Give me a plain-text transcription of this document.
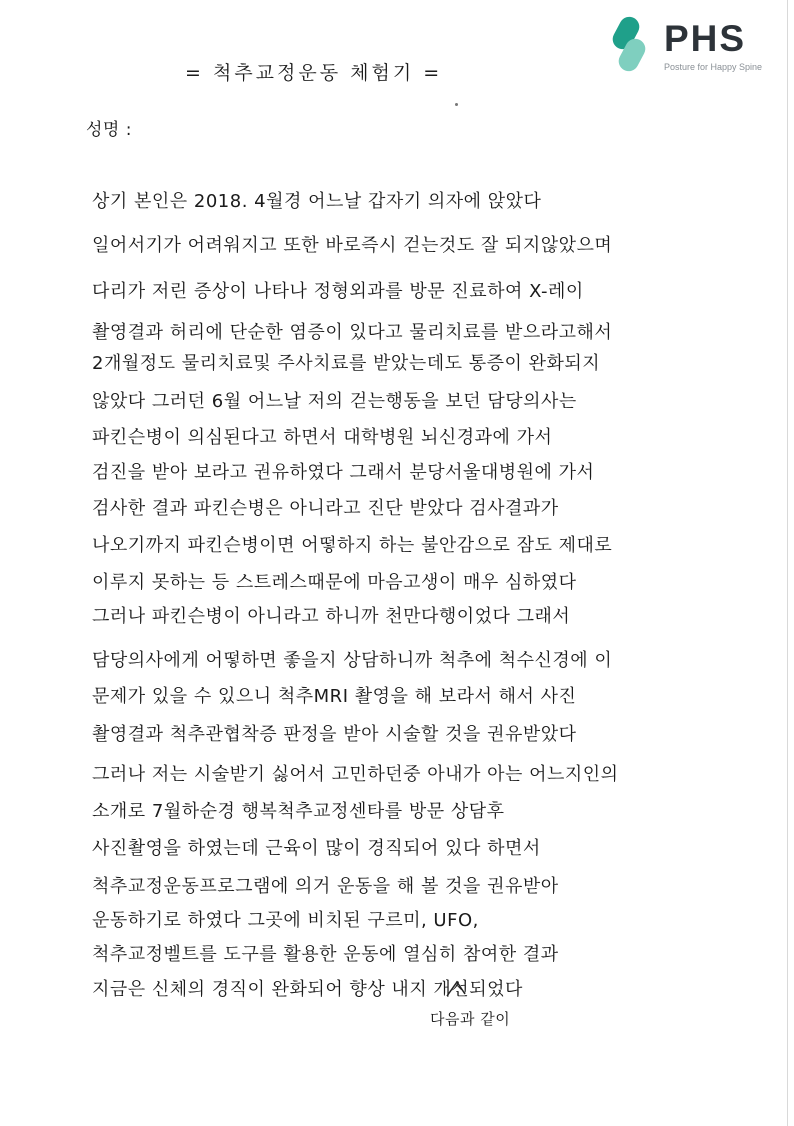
PHS
Posture for Happy Spine
= 척추교정운동 체험기 =
성명 :
상기 본인은 2018. 4월경 어느날 갑자기 의자에 앉았다
일어서기가 어려워지고 또한 바로즉시 걷는것도 잘 되지않았으며
다리가 저린 증상이 나타나 정형외과를 방문 진료하여 X-레이
촬영결과 허리에 단순한 염증이 있다고 물리치료를 받으라고해서
2개월정도 물리치료및 주사치료를 받았는데도 통증이 완화되지
않았다 그러던 6월 어느날 저의 걷는행동을 보던 담당의사는
파킨슨병이 의심된다고 하면서 대학병원 뇌신경과에 가서
검진을 받아 보라고 권유하였다 그래서 분당서울대병원에 가서
검사한 결과 파킨슨병은 아니라고 진단 받았다 검사결과가
나오기까지 파킨슨병이면 어떻하지 하는 불안감으로 잠도 제대로
이루지 못하는 등 스트레스때문에 마음고생이 매우 심하였다
그러나 파킨슨병이 아니라고 하니까 천만다행이었다 그래서
담당의사에게 어떻하면 좋을지 상담하니까 척추에 척수신경에 이
문제가 있을 수 있으니 척추MRI 촬영을 해 보라서 해서 사진
촬영결과 척추관협착증 판정을 받아 시술할 것을 권유받았다
그러나 저는 시술받기 싫어서 고민하던중 아내가 아는 어느지인의
소개로 7월하순경 행복척추교정센타를 방문 상담후
사진촬영을 하였는데 근육이 많이 경직되어 있다 하면서
척추교정운동프로그램에 의거 운동을 해 볼 것을 권유받아
운동하기로 하였다 그곳에 비치된 구르미, UFO,
척추교정벨트를 도구를 활용한 운동에 열심히 참여한 결과
지금은 신체의 경직이 완화되어 향상 내지 개선되었다
다음과 같이
